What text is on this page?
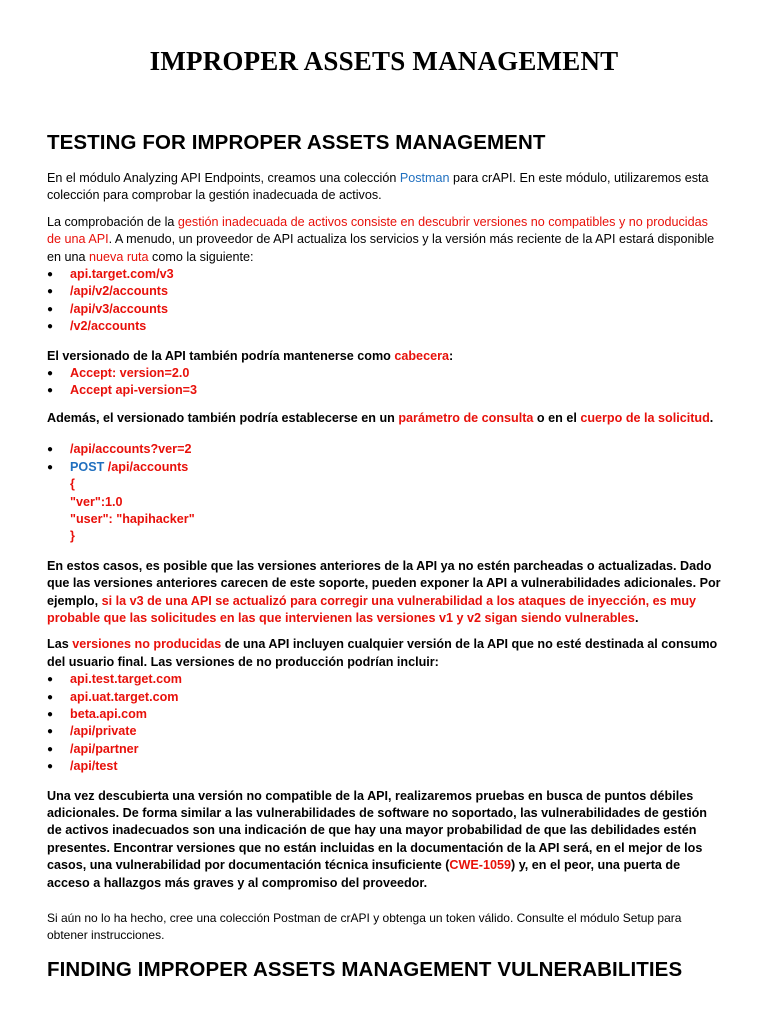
IMPROPER ASSETS MANAGEMENT
TESTING FOR IMPROPER ASSETS MANAGEMENT

En el módulo Analyzing API Endpoints, creamos una colección Postman para crAPI. En este módulo, utilizaremos esta colección para comprobar la gestión inadecuada de activos.

La comprobación de la gestión inadecuada de activos consiste en descubrir versiones no compatibles y no producidas de una API. A menudo, un proveedor de API actualiza los servicios y la versión más reciente de la API estará disponible en una nueva ruta como la siguiente:

● api.target.com/v3
● /api/v2/accounts
● /api/v3/accounts
● /v2/accounts

El versionado de la API también podría mantenerse como cabecera:

● Accept: version=2.0
● Accept api-version=3

Además, el versionado también podría establecerse en un parámetro de consulta o en el cuerpo de la solicitud.

● /api/accounts?ver=2
● POST /api/accounts
{
"ver":1.0
"user": "hapihacker"
}

En estos casos, es posible que las versiones anteriores de la API ya no estén parcheadas o actualizadas. Dado que las versiones anteriores carecen de este soporte, pueden exponer la API a vulnerabilidades adicionales. Por ejemplo, si la v3 de una API se actualizó para corregir una vulnerabilidad a los ataques de inyección, es muy probable que las solicitudes en las que intervienen las versiones v1 y v2 sigan siendo vulnerables.

Las versiones no producidas de una API incluyen cualquier versión de la API que no esté destinada al consumo del usuario final. Las versiones de no producción podrían incluir:

● api.test.target.com
● api.uat.target.com
● beta.api.com
● /api/private
● /api/partner
● /api/test

Una vez descubierta una versión no compatible de la API, realizaremos pruebas en busca de puntos débiles adicionales. De forma similar a las vulnerabilidades de software no soportado, las vulnerabilidades de gestión de activos inadecuados son una indicación de que hay una mayor probabilidad de que las debilidades estén presentes. Encontrar versiones que no están incluidas en la documentación de la API será, en el mejor de los casos, una vulnerabilidad por documentación técnica insuficiente (CWE-1059) y, en el peor, una puerta de acceso a hallazgos más graves y al compromiso del proveedor.

Si aún no lo ha hecho, cree una colección Postman de crAPI y obtenga un token válido. Consulte el módulo Setup para obtener instrucciones.

FINDING IMPROPER ASSETS MANAGEMENT VULNERABILITIES
